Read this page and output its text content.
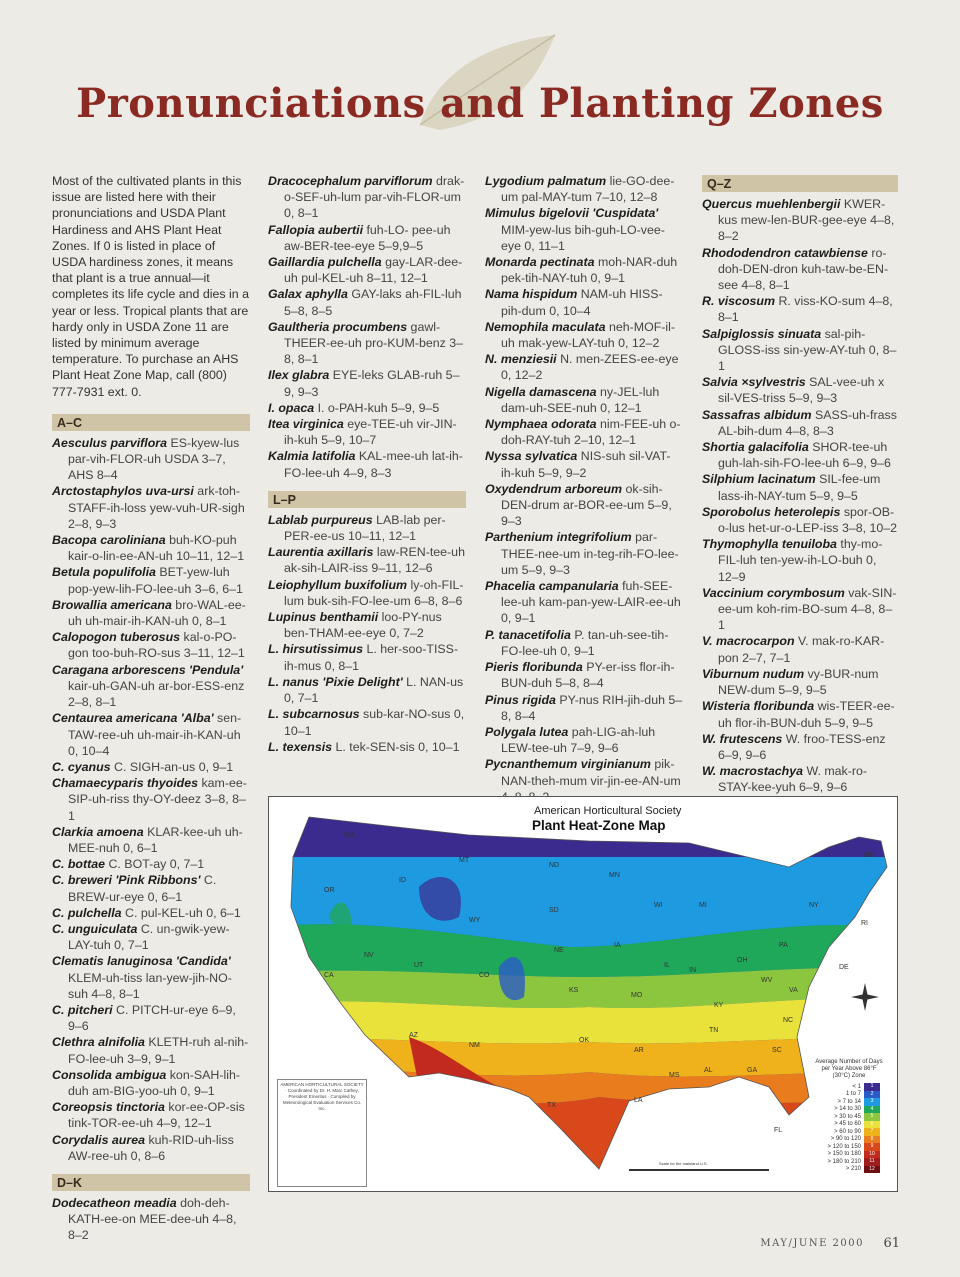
Pronunciations and Planting Zones

Most of the cultivated plants in this issue are listed here with their pronunciations and USDA Plant Hardiness and AHS Plant Heat Zones. If 0 is listed in place of USDA hardiness zones, it means that plant is a true annual—it completes its life cycle and dies in a year or less. Tropical plants that are hardy only in USDA Zone 11 are listed by minimum average temperature. To purchase an AHS Plant Heat Zone Map, call (800) 777-7931 ext. 0.

A–C
Aesculus parviflora ES-kyew-lus par-vih-FLOR-uh USDA 3–7, AHS 8–4
Arctostaphylos uva-ursi ark-toh-STAFF-ih-loss yew-vuh-UR-sigh 2–8, 9–3
Bacopa caroliniana buh-KO-puh kair-o-lin-ee-AN-uh 10–11, 12–1
Betula populifolia BET-yew-luh pop-yew-lih-FO-lee-uh 3–6, 6–1
Browallia americana bro-WAL-ee-uh uh-mair-ih-KAN-uh 0, 8–1
Calopogon tuberosus kal-o-PO-gon too-buh-RO-sus 3–11, 12–1
Caragana arborescens 'Pendula' kair-uh-GAN-uh ar-bor-ESS-enz 2–8, 8–1
Centaurea americana 'Alba' sen-TAW-ree-uh uh-mair-ih-KAN-uh 0, 10–4
C. cyanus C. SIGH-an-us 0, 9–1
Chamaecyparis thyoides kam-ee-SIP-uh-riss thy-OY-deez 3–8, 8–1
Clarkia amoena KLAR-kee-uh uh-MEE-nuh 0, 6–1
C. bottae C. BOT-ay 0, 7–1
C. breweri 'Pink Ribbons' C. BREW-ur-eye 0, 6–1
C. pulchella C. pul-KEL-uh 0, 6–1
C. unguiculata C. un-gwik-yew-LAY-tuh 0, 7–1
Clematis lanuginosa 'Candida' KLEM-uh-tiss lan-yew-jih-NO-suh 4–8, 8–1
C. pitcheri C. PITCH-ur-eye 6–9, 9–6
Clethra alnifolia KLETH-ruh al-nih-FO-lee-uh 3–9, 9–1
Consolida ambigua kon-SAH-lih-duh am-BIG-yoo-uh 0, 9–1
Coreopsis tinctoria kor-ee-OP-sis tink-TOR-ee-uh 4–9, 12–1
Corydalis aurea kuh-RID-uh-liss AW-ree-uh 0, 8–6
D–K
Dodecatheon meadia doh-deh-KATH-ee-on MEE-dee-uh 4–8, 8–2
Dracocephalum parviflorum drak-o-SEF-uh-lum par-vih-FLOR-um 0, 8–1
Fallopia aubertii fuh-LO- pee-uh aw-BER-tee-eye 5–9,9–5
Gaillardia pulchella gay-LAR-dee-uh pul-KEL-uh 8–11, 12–1
Galax aphylla GAY-laks ah-FIL-luh 5–8, 8–5
Gaultheria procumbens gawl-THEER-ee-uh pro-KUM-benz 3–8, 8–1
Ilex glabra EYE-leks GLAB-ruh 5–9, 9–3
I. opaca I. o-PAH-kuh 5–9, 9–5
Itea virginica eye-TEE-uh vir-JIN-ih-kuh 5–9, 10–7
Kalmia latifolia KAL-mee-uh lat-ih-FO-lee-uh 4–9, 8–3
L–P
Lablab purpureus LAB-lab per-PER-ee-us 10–11, 12–1
Laurentia axillaris law-REN-tee-uh ak-sih-LAIR-iss 9–11, 12–6
Leiophyllum buxifolium ly-oh-FIL-lum buk-sih-FO-lee-um 6–8, 8–6
Lupinus benthamii loo-PY-nus ben-THAM-ee-eye 0, 7–2
L. hirsutissimus L. her-soo-TISS-ih-mus 0, 8–1
L. nanus 'Pixie Delight' L. NAN-us 0, 7–1
L. subcarnosus sub-kar-NO-sus 0, 10–1
L. texensis L. tek-SEN-sis 0, 10–1
Lygodium palmatum lie-GO-dee-um pal-MAY-tum 7–10, 12–8
Mimulus bigelovii 'Cuspidata' MIM-yew-lus bih-guh-LO-vee-eye 0, 11–1
Monarda pectinata moh-NAR-duh pek-tih-NAY-tuh 0, 9–1
Nama hispidum NAM-uh HISS-pih-dum 0, 10–4
Nemophila maculata neh-MOF-il-uh mak-yew-LAY-tuh 0, 12–2
N. menziesii N. men-ZEES-ee-eye 0, 12–2
Nigella damascena ny-JEL-luh dam-uh-SEE-nuh 0, 12–1
Nymphaea odorata nim-FEE-uh o-doh-RAY-tuh 2–10, 12–1
Nyssa sylvatica NIS-suh sil-VAT-ih-kuh 5–9, 9–2
Oxydendrum arboreum ok-sih-DEN-drum ar-BOR-ee-um 5–9, 9–3
Parthenium integrifolium par-THEE-nee-um in-teg-rih-FO-lee-um 5–9, 9–3
Phacelia campanularia fuh-SEE-lee-uh kam-pan-yew-LAIR-ee-uh 0, 9–1
P. tanacetifolia P. tan-uh-see-tih-FO-lee-uh 0, 9–1
Pieris floribunda PY-er-iss flor-ih-BUN-duh 5–8, 8–4
Pinus rigida PY-nus RIH-jih-duh 5–8, 8–4
Polygala lutea pah-LIG-ah-luh LEW-tee-uh 7–9, 9–6
Pycnanthemum virginianum pik-NAN-theh-mum vir-jin-ee-AN-um
Q–Z
Quercus muehlenbergii KWER-kus mew-len-BUR-gee-eye 4–8, 8–2
Rhododendron catawbiense ro-doh-DEN-dron kuh-taw-be-EN-see 4–8, 8–1
R. viscosum R. viss-KO-sum 4–8, 8–1
Salpiglossis sinuata sal-pih-GLOSS-iss sin-yew-AY-tuh 0, 8–1
Salvia ×sylvestris SAL-vee-uh x sil-VES-triss 5–9, 9–3
Sassafras albidum SASS-uh-frass AL-bih-dum 4–8, 8–3
Shortia galacifolia SHOR-tee-uh guh-lah-sih-FO-lee-uh 6–9, 9–6
Silphium lacinatum SIL-fee-um lass-ih-NAY-tum 5–9, 9–5
Sporobolus heterolepis spor-OB-o-lus het-ur-o-LEP-iss 3–8, 10–2
Thymophylla tenuiloba thy-mo-FIL-luh ten-yew-ih-LO-buh 0, 12–9
Vaccinium corymbosum vak-SIN-ee-um koh-rim-BO-sum 4–8, 8–1
V. macrocarpon V. mak-ro-KAR-pon 2–7, 7–1
Viburnum nudum vy-BUR-num NEW-dum 5–9, 9–5
Wisteria floribunda wis-TEER-ee-uh flor-ih-BUN-duh 5–9, 9–5
W. frutescens W. froo-TESS-enz 6–9, 9–6
W. macrostachya W. mak-ro-STAY-kee-yuh 6–9, 9–6
WA
OR
CA
NV
ID
MT
WY
UT
AZ
CO
NM
ND
SD
NE
KS
OK
TX
MN
IA
MO
AR
LA
WI
IL
MI
IN
KY
TN
MS
AL	GA
FL
SC
NC
VA
WV
OH
PA
NY
ME
DE
RI
Scale for the mainland U.S.
American Horticultural Society
Plant Heat-Zone Map
AMERICAN HORTICULTURAL SOCIETY · Coordinated by Dr. H. Marc Cathey, President Emeritus · Compiled by Meteorological Evaluation Services Co. Inc.
Average Number of Days per Year Above 86°F (30°C) Zone
< 1	1
1 to 7	2
> 7 to 14	3
> 14 to 30	4
> 30 to 45	5
> 45 to 60	6
> 60 to 90	7
> 90 to 120	8
> 120 to 150	9
> 150 to 180	10
> 180 to 210	11
> 210	12
MAY/JUNE 2000 61
